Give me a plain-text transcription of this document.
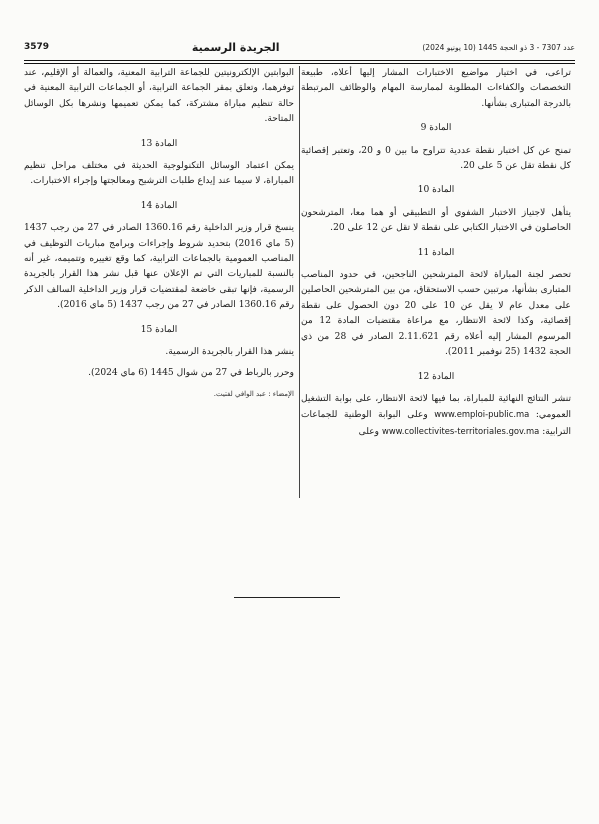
عدد 7307 - 3 ذو الحجة 1445 (10 يونيو 2024)
الجريدة الرسمية
3579

تراعى، في اختيار مواضيع الاختبارات المشار إليها أعلاه، طبيعة التخصصات والكفاءات المطلوبة لممارسة المهام والوظائف المرتبطة بالدرجة المتبارى بشأنها.

المادة 9

تمنح عن كل اختبار نقطة عددية تتراوح ما بين 0 و 20، وتعتبر إقصائية كل نقطة تقل عن 5 على 20.

المادة 10

يتأهل لاجتياز الاختبار الشفوي أو التطبيقي أو هما معا، المترشحون الحاصلون في الاختبار الكتابي على نقطة لا تقل عن 12 على 20.

المادة 11

تحصر لجنة المباراة لائحة المترشحين الناجحين، في حدود المناصب المتبارى بشأنها، مرتبين حسب الاستحقاق، من بين المترشحين الحاصلين على معدل عام لا يقل عن 10 على 20 دون الحصول على نقطة إقصائية، وكذا لائحة الانتظار، مع مراعاة مقتضيات المادة 12 من المرسوم المشار إليه أعلاه رقم 2.11.621 الصادر في 28 من ذي الحجة 1432 (25 نوفمبر 2011).

المادة 12

تنشر النتائج النهائية للمباراة، بما فيها لائحة الانتظار، على بوابة التشغيل العمومي: www.emploi-public.ma وعلى البوابة الوطنية للجماعات الترابية: www.collectivites-territoriales.gov.ma وعلى

البوابتين الإلكترونيتين للجماعة الترابية المعنية، والعمالة أو الإقليم، عند توفرهما، وتعلق بمقر الجماعة الترابية، أو الجماعات الترابية المعنية في حالة تنظيم مباراة مشتركة، كما يمكن تعميمها ونشرها بكل الوسائل المتاحة.

المادة 13

يمكن اعتماد الوسائل التكنولوجية الحديثة في مختلف مراحل تنظيم المباراة، لا سيما عند إيداع طلبات الترشيح ومعالجتها وإجراء الاختبارات.

المادة 14

ينسخ قرار وزير الداخلية رقم 1360.16 الصادر في 27 من رجب 1437 (5 ماي 2016) بتحديد شروط وإجراءات وبرامج مباريات التوظيف في المناصب العمومية بالجماعات الترابية، كما وقع تغييره وتتميمه، غير أنه بالنسبة للمباريات التي تم الإعلان عنها قبل نشر هذا القرار بالجريدة الرسمية، فإنها تبقى خاضعة لمقتضيات قرار وزير الداخلية السالف الذكر رقم 1360.16 الصادر في 27 من رجب 1437 (5 ماي 2016).

المادة 15

ينشر هذا القرار بالجريدة الرسمية.

وحرر بالرباط في 27 من شوال 1445 (6 ماي 2024).

الإمضاء : عبد الوافي لفتيت.
